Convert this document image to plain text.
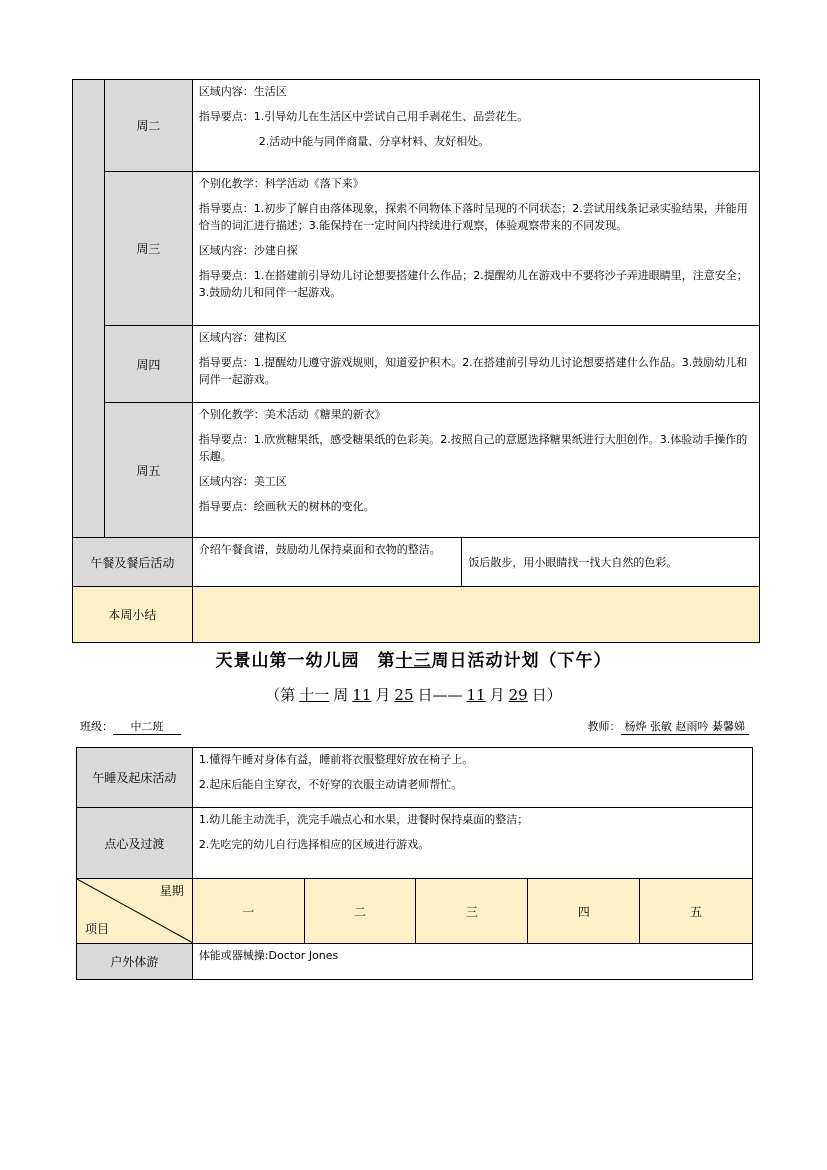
	周二	区域内容：生活区

指导要点：1.引导幼儿在生活区中尝试自己用手剥花生、品尝花生。

2.活动中能与同伴商量、分享材料、友好相处。	

	周三	个别化教学：科学活动《落下来》

指导要点：1.初步了解自由落体现象，探索不同物体下落时呈现的不同状态；2.尝试用线条记录实验结果，并能用恰当的词汇进行描述；3.能保持在一定时间内持续进行观察，体验观察带来的不同发现。

区域内容：沙建自探

指导要点：1.在搭建前引导幼儿讨论想要搭建什么作品；2.提醒幼儿在游戏中不要将沙子弄进眼睛里，注意安全；3.鼓励幼儿和同伴一起游戏。	

	周四	区域内容：建构区

指导要点：1.提醒幼儿遵守游戏规则，知道爱护积木。2.在搭建前引导幼儿讨论想要搭建什么作品。3.鼓励幼儿和同伴一起游戏。	

	周五	个别化教学：美术活动《糖果的新衣》

指导要点：1.欣赏糖果纸，感受糖果纸的色彩美。2.按照自己的意愿选择糖果纸进行大胆创作。3.体验动手操作的乐趣。

区域内容：美工区

指导要点：绘画秋天的树林的变化。	

午餐及餐后活动		介绍午餐食谱，鼓励幼儿保持桌面和衣物的整洁。	饭后散步，用小眼睛找一找大自然的色彩。
本周小结			
天景山第一幼儿园　第十三周日活动计划（下午）
（第 十一 周 11 月 25 日—— 11 月 29 日）
班级： 中二班	教师： 杨烨 张敏 赵雨吟 綦馨娣
午睡及起床活动	1.懂得午睡对身体有益，睡前将衣服整理好放在椅子上。

2.起床后能自主穿衣，不好穿的衣服主动请老师帮忙。				

点心及过渡	1.幼儿能主动洗手，洗完手端点心和水果，进餐时保持桌面的整洁；

2.先吃完的幼儿自行选择相应的区域进行游戏。				

星期
项目	一	二	三	四	五
户外体游	体能或器械操:Doctor Jones				
